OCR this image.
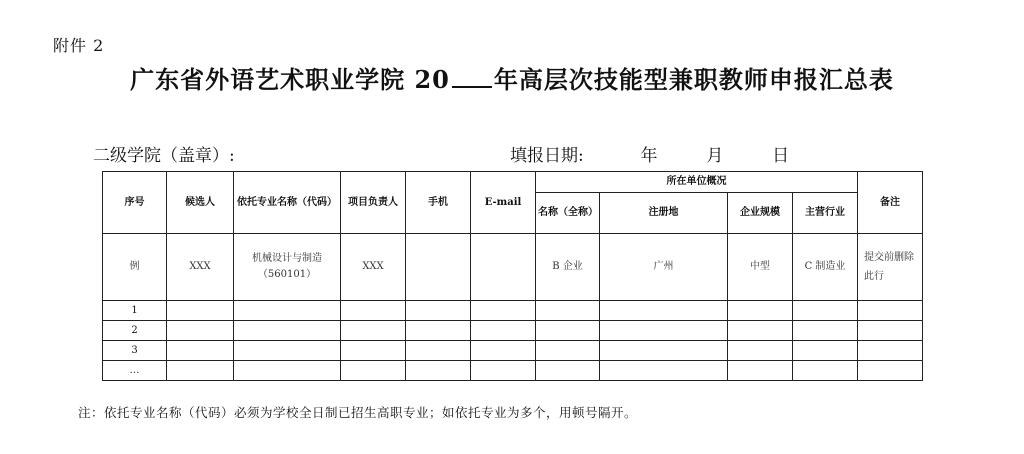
附件 2
广东省外语艺术职业学院 20 年高层次技能型兼职教师申报汇总表
二级学院（盖章）:	填报日期:	年	月	日
序号	候选人	依托专业名称（代码）	项目负责人	手机	E-mail	所在单位概况				备注
						名称（全称）	注册地	企业规模	主营行业	
例	XXX	机械设计与制造（560101）	XXX			B 企业	广州	中型	C 制造业	提交前删除此行
1										
2										
3										
…										
注：依托专业名称（代码）必须为学校全日制已招生高职专业；如依托专业为多个，用顿号隔开。
